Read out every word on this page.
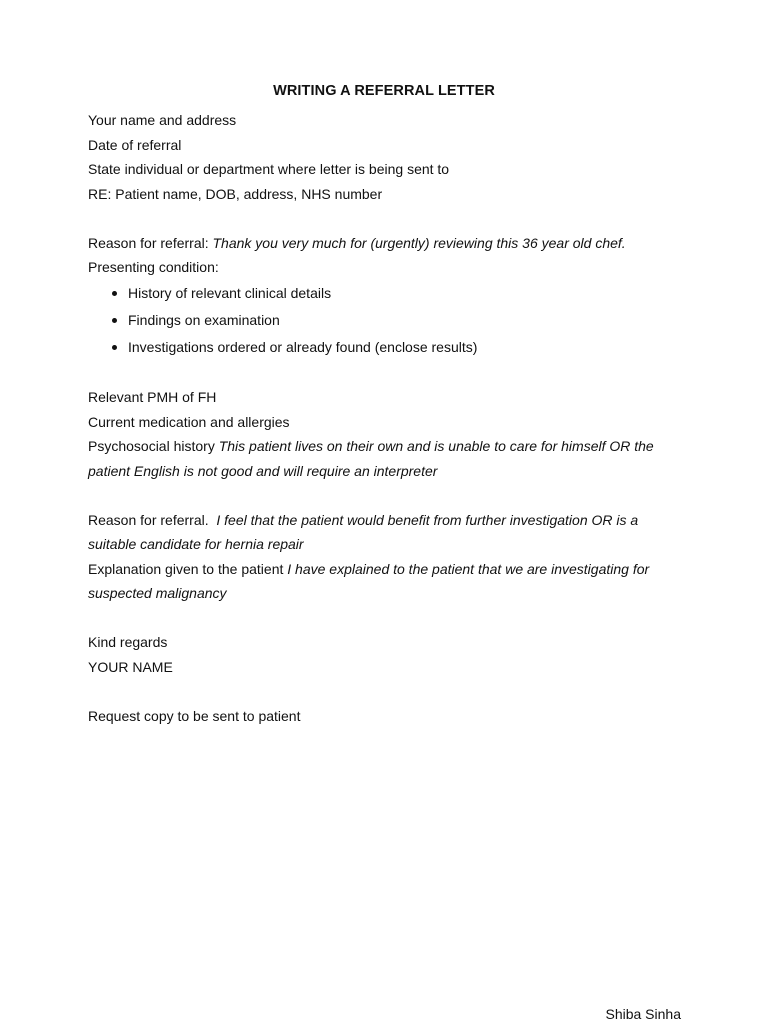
WRITING A REFERRAL LETTER
Your name and address
Date of referral
State individual or department where letter is being sent to
RE: Patient name, DOB, address, NHS number
Reason for referral: Thank you very much for (urgently) reviewing this 36 year old chef.
Presenting condition:
History of relevant clinical details
Findings on examination
Investigations ordered or already found (enclose results)
Relevant PMH of FH
Current medication and allergies
Psychosocial history This patient lives on their own and is unable to care for himself OR the
patient English is not good and will require an interpreter
Reason for referral.  I feel that the patient would benefit from further investigation OR is a
suitable candidate for hernia repair
Explanation given to the patient I have explained to the patient that we are investigating for
suspected malignancy
Kind regards
YOUR NAME
Request copy to be sent to patient
Shiba Sinha
